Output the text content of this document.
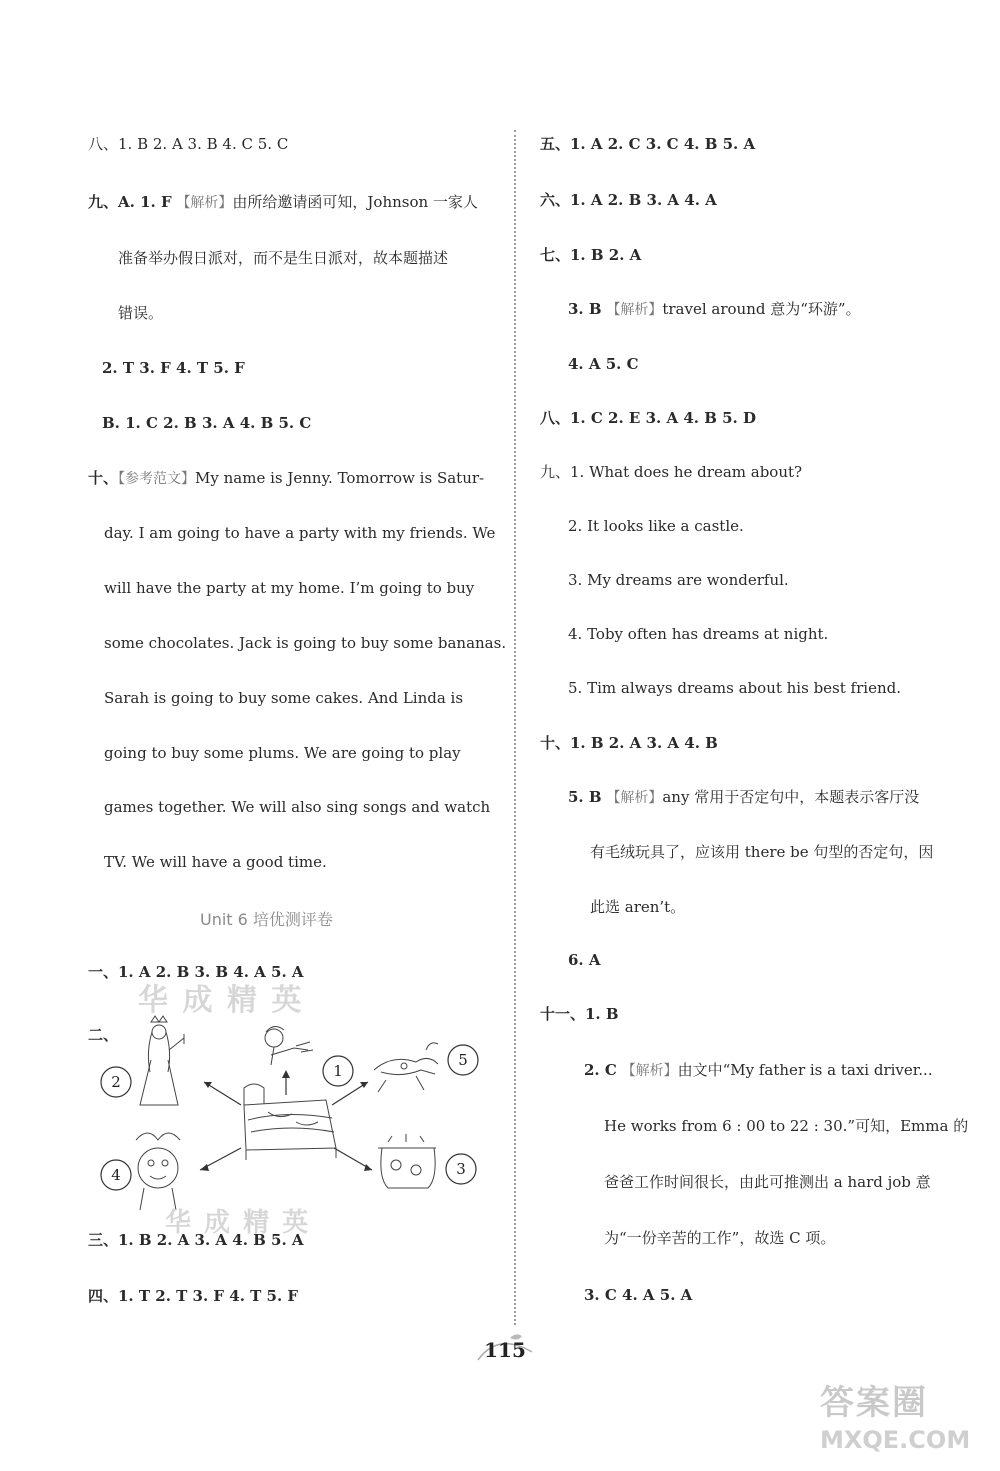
八、1. B 2. A 3. B 4. C 5. C
九、A. 1. F 【解析】由所给邀请函可知，Johnson 一家人
准备举办假日派对，而不是生日派对，故本题描述
错误。
2. T 3. F 4. T 5. F
B. 1. C 2. B 3. A 4. B 5. C
十、【参考范文】My name is Jenny. Tomorrow is Satur-
day. I am going to have a party with my friends. We
will have the party at my home. I’m going to buy
some chocolates. Jack is going to buy some bananas.
Sarah is going to buy some cakes. And Linda is
going to buy some plums. We are going to play
games together. We will also sing songs and watch
TV. We will have a good time.
Unit 6 培优测评卷
一、1. A 2. B 3. B 4. A 5. A
华 成 精 英
二、
2
1
5
4	3
华 成 精 英
三、1. B 2. A 3. A 4. B 5. A
四、1. T 2. T 3. F 4. T 5. F
五、1. A 2. C 3. C 4. B 5. A
六、1. A 2. B 3. A 4. A
七、1. B 2. A
3. B 【解析】travel around 意为“环游”。
4. A 5. C
八、1. C 2. E 3. A 4. B 5. D
九、1. What does he dream about?
2. It looks like a castle.
3. My dreams are wonderful.
4. Toby often has dreams at night.
5. Tim always dreams about his best friend.
十、1. B 2. A 3. A 4. B
5. B 【解析】any 常用于否定句中，本题表示客厅没
有毛绒玩具了，应该用 there be 句型的否定句，因
此选 aren’t。
6. A
十一、1. B
2. C 【解析】由文中“My father is a taxi driver...
He works from 6 : 00 to 22 : 30.”可知，Emma 的
爸爸工作时间很长，由此可推测出 a hard job 意
为“一份辛苦的工作”，故选 C 项。
3. C 4. A 5. A
115
答案圈
MXQE.COM
